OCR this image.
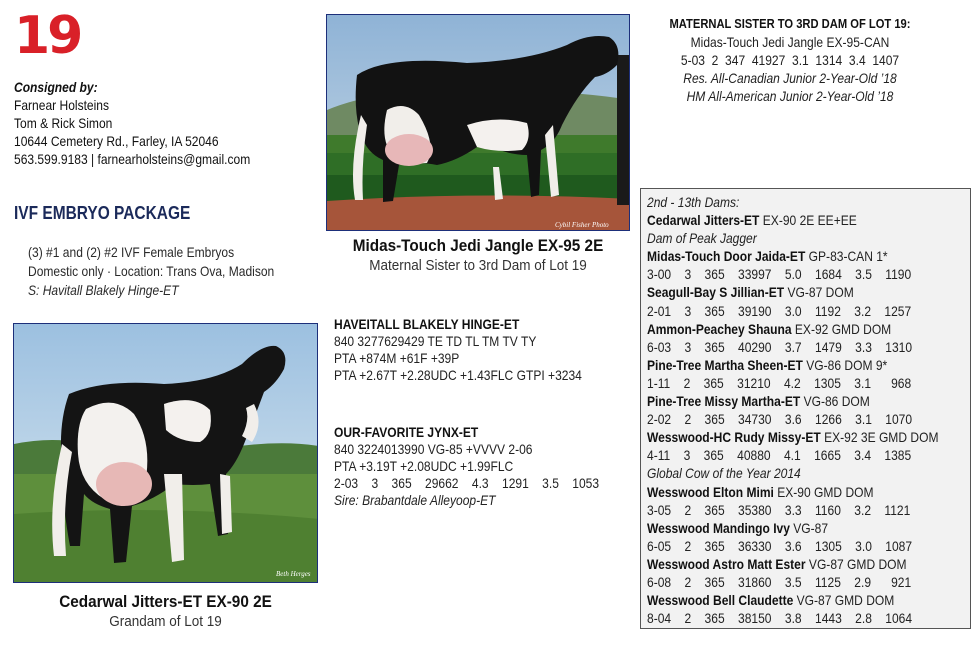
19
Consigned by:
Farnear Holsteins
Tom & Rick Simon
10644 Cemetery Rd., Farley, IA 52046
563.599.9183 | farnearholsteins@gmail.com
IVF EMBRYO PACKAGE
(3) #1 and (2) #2 IVF Female Embryos
Domestic only · Location: Trans Ova, Madison
S: Havitall Blakely Hinge-ET
Cybil Fisher Photo
Midas-Touch Jedi Jangle EX-95 2E
Maternal Sister to 3rd Dam of Lot 19
Beth Herges
Cedarwal Jitters-ET EX-90 2E
Grandam of Lot 19
HAVEITALL BLAKELY HINGE-ET
840 3277629429 TE TD TL TM TV TY
PTA +874M +61F +39P
PTA +2.67T +2.28UDC +1.43FLC GTPI +3234
OUR-FAVORITE JYNX-ET
840 3224013990 VG-85 +VVVV 2-06
PTA +3.19T +2.08UDC +1.99FLC
2-03    3    365    29662    4.3    1291    3.5    1053
Sire: Brabantdale Alleyoop-ET
MATERNAL SISTER TO 3RD DAM OF LOT 19:
Midas-Touch Jedi Jangle EX-95-CAN
5-03  2  347  41927  3.1  1314  3.4  1407
Res. All-Canadian Junior 2-Year-Old ’18
HM All-American Junior 2-Year-Old ’18
2nd - 13th Dams:
Cedarwal Jitters-ET EX-90 2E EE+EE
Dam of Peak Jagger
Midas-Touch Door Jaida-ET GP-83-CAN 1*
3-00    3    365    33997    5.0    1684    3.5    1190
Seagull-Bay S Jillian-ET VG-87 DOM
2-01    3    365    39190    3.0    1192    3.2    1257
Ammon-Peachey Shauna EX-92 GMD DOM
6-03    3    365    40290    3.7    1479    3.3    1310
Pine-Tree Martha Sheen-ET VG-86 DOM 9*
1-11    2    365    31210    4.2    1305    3.1      968
Pine-Tree Missy Martha-ET VG-86 DOM
2-02    2    365    34730    3.6    1266    3.1    1070
Wesswood-HC Rudy Missy-ET EX-92 3E GMD DOM
4-11    3    365    40880    4.1    1665    3.4    1385
Global Cow of the Year 2014
Wesswood Elton Mimi EX-90 GMD DOM
3-05    2    365    35380    3.3    1160    3.2    1121
Wesswood Mandingo Ivy VG-87
6-05    2    365    36330    3.6    1305    3.0    1087
Wesswood Astro Matt Ester VG-87 GMD DOM
6-08    2    365    31860    3.5    1125    2.9      921
Wesswood Bell Claudette VG-87 GMD DOM
8-04    2    365    38150    3.8    1443    2.8    1064
